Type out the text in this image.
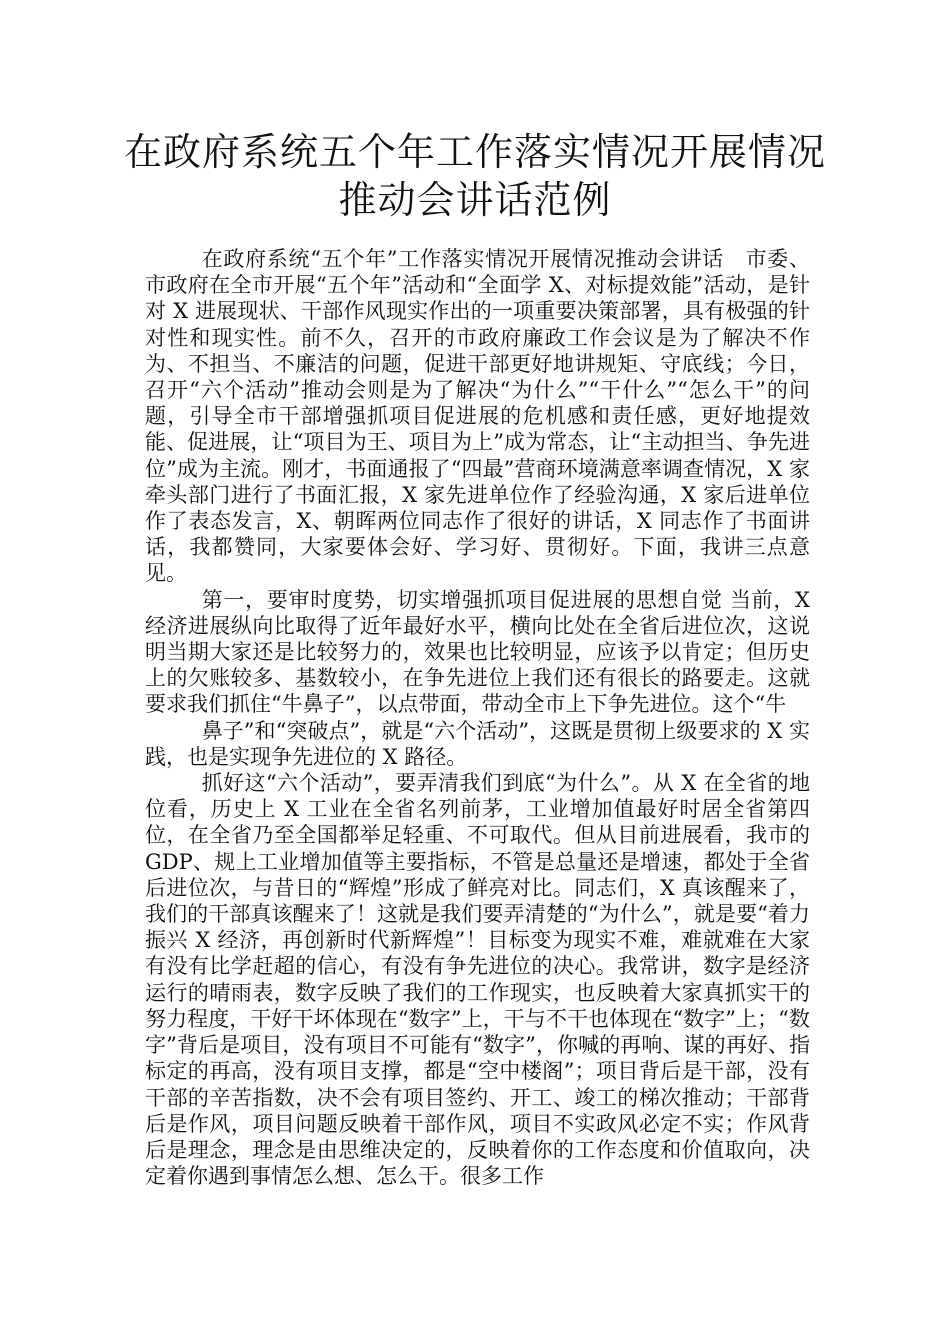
在政府系统五个年工作落实情况开展情况
推动会讲话范例

在政府系统“五个年”工作落实情况开展情况推动会讲话　市委、市政府在全市开展“五个年”活动和“全面学 X、对标提效能”活动，是针对 X 进展现状、干部作风现实作出的一项重要决策部署，具有极强的针对性和现实性。前不久，召开的市政府廉政工作会议是为了解决不作为、不担当、不廉洁的问题，促进干部更好地讲规矩、守底线；今日，召开“六个活动”推动会则是为了解决“为什么”“干什么”“怎么干”的问题，引导全市干部增强抓项目促进展的危机感和责任感，更好地提效能、促进展，让“项目为王、项目为上”成为常态，让“主动担当、争先进位”成为主流。刚才，书面通报了“四最”营商环境满意率调查情况，X 家牵头部门进行了书面汇报，X 家先进单位作了经验沟通，X 家后进单位作了表态发言，X、朝晖两位同志作了很好的讲话，X 同志作了书面讲话，我都赞同，大家要体会好、学习好、贯彻好。下面，我讲三点意见。

第一，要审时度势，切实增强抓项目促进展的思想自觉 当前，X 经济进展纵向比取得了近年最好水平，横向比处在全省后进位次，这说明当期大家还是比较努力的，效果也比较明显，应该予以肯定；但历史上的欠账较多、基数较小，在争先进位上我们还有很长的路要走。这就要求我们抓住“牛鼻子”，以点带面，带动全市上下争先进位。这个“牛

鼻子”和“突破点”，就是“六个活动”，这既是贯彻上级要求的 X 实践，也是实现争先进位的 X 路径。

抓好这“六个活动”，要弄清我们到底“为什么”。从 X 在全省的地位看，历史上 X 工业在全省名列前茅，工业增加值最好时居全省第四位，在全省乃至全国都举足轻重、不可取代。但从目前进展看，我市的 GDP、规上工业增加值等主要指标，不管是总量还是增速，都处于全省后进位次，与昔日的“辉煌”形成了鲜亮对比。同志们，X 真该醒来了，我们的干部真该醒来了！这就是我们要弄清楚的“为什么”，就是要“着力振兴 X 经济，再创新时代新辉煌”！目标变为现实不难，难就难在大家有没有比学赶超的信心，有没有争先进位的决心。我常讲，数字是经济运行的晴雨表，数字反映了我们的工作现实，也反映着大家真抓实干的努力程度，干好干坏体现在“数字”上，干与不干也体现在“数字”上；“数字”背后是项目，没有项目不可能有“数字”，你喊的再响、谋的再好、指标定的再高，没有项目支撑，都是“空中楼阁”；项目背后是干部，没有干部的辛苦指数，决不会有项目签约、开工、竣工的梯次推动；干部背后是作风，项目问题反映着干部作风，项目不实政风必定不实；作风背后是理念，理念是由思维决定的，反映着你的工作态度和价值取向，决定着你遇到事情怎么想、怎么干。很多工作
